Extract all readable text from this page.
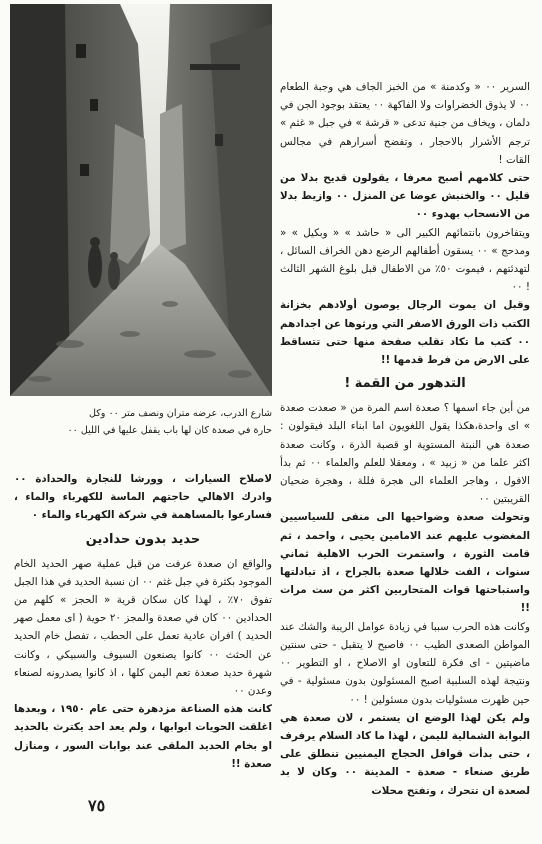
السرير ٠٠ « وكدمنة » من الخبز الجاف هي وجبة الطعام ٠٠ لا يذوق الخضراوات ولا الفاكهة ٠٠ يعتقد بوجود الجن في دلمان ، ويخاف من جنية تدعى « قرشة » في جبل « غثم » ترجم الأشرار بالاحجار ، وتفضح أسرارهم في مجالس القات !

حتى كلامهم أصبح معرفا ، يقولون قديح بدلا من قليل ٠٠ والخنبش عوضا عن المنزل ٠٠ وازيط بدلا من الانسحاب بهدوء ٠٠

ويتفاخرون بانتمائهم الكبير الى « حاشد » « وبكيل » « ومدحج » ٠٠ يسقون أطفالهم الرضع دهن الخراف السائل ، لتهدئتهم ، فيموت ٥٠٪ من الاطفال قبل بلوغ الشهر الثالث ! ٠٠

وقبل ان يموت الرجال يوصون أولادهم بخزانة الكتب ذات الورق الاصفر التي ورثوها عن اجدادهم ٠٠ كتب ما تكاد تقلب صفحة منها حتى تتساقط على الارض من فرط قدمها !!

التدهور من القمة !

من أين جاء اسمها ؟ صعدة اسم المرة من « صعدت صعدة » اى واحدة،هكذا يقول اللغويون اما ابناء البلد فيقولون : صعدة هي النبتة المستوية او قصبة الذرة ، وكانت صعدة اكثر علما من « زبيد » ، ومعقلا للعلم والعلماء ٠٠ ثم بدأ الافول ، وهاجر العلماء الى هجرة فللة ، وهجرة ضحيان القريبتين ٠٠

وتحولت صعدة وضواحيها الى منفى للسياسيين المغضوب عليهم عند الامامين يحيى ، واحمد ، ثم قامت الثورة ، واستمرت الحرب الاهلية ثماني سنوات ، الفت خلالها صعدة بالجراح ، اذ تبادلتها واستباحتها قوات المتحاربين اكثر من ست مرات !!

وكانت هذه الحرب سببا في زيادة عوامل الريبة والشك عند المواطن الصعدى الطيب ٠٠ فاصبح لا يتقبل - حتى سنتين ماضيتين - اى فكرة للتعاون او الاصلاح ، او التطوير ٠٠ ونتيجة لهذه السلبية اصبح المسئولون بدون مسئولية - في حين ظهرت مسئوليات بدون مسئولين ! ٠٠

ولم يكن لهذا الوضع ان يستمر ، لان صعدة هي البوابة الشمالية لليمن ، لهذا ما كاد السلام يرفرف ، حتى بدأت قوافل الحجاج اليمنيين تنطلق على طريق صنعاء - صعدة - المدينة ٠٠ وكان لا بد لصعدة ان تتحرك ، وتفتح محلات

شارع الدرب، عرضه متران ونصف متر ٠٠ وكل
حارة في صعدة كان لها باب يقفل عليها في الليل ٠٠

لاصلاح السيارات ، وورشا للنجارة والحدادة ٠٠ وادرك الاهالي حاجتهم الماسة للكهرباء والماء ، فسارعوا بالمساهمة في شركة الكهرباء والماء ٠

حديد بدون حدادين

والواقع ان صعدة عرفت من قبل عملية صهر الحديد الخام الموجود بكثرة في جبل غثم ٠٠ ان نسبة الحديد في هذا الجبل تفوق ٧٠٪ ، لهذا كان سكان قرية « الحجز » كلهم من الحدادين ٠٠ كان في صعدة والمجز ٢٠ حوية ( اى معمل صهر الحديد ) افران عادية تعمل على الحطب ، تفصل خام الحديد عن الحثث ٠٠ كانوا يصنعون السيوف والسبيكي ، وكانت شهرة حديد صعدة تعم اليمن كلها ، اذ كانوا يصدرونه لصنعاء وعدن ٠٠

كانت هذه الصناعة مزدهرة حتى عام ١٩٥٠ ، وبعدها اغلقت الحويات ابوابها ، ولم يعد احد يكترث بالحديد او بخام الحديد الملقى عند بوابات السور ، ومنازل صعدة !!

٧٥
